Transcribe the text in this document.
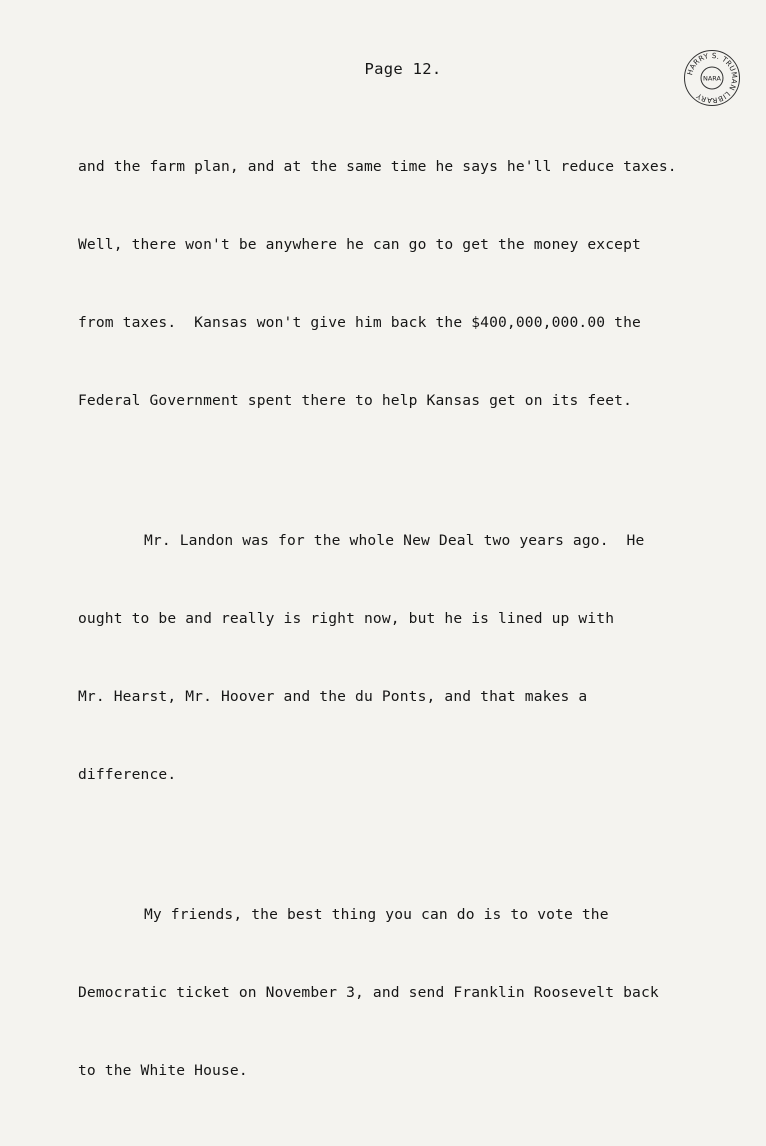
Page 12.	HARRY S. TRUMAN LIBRARY
NARA

and the farm plan, and at the same time he says he'll reduce taxes.

Well, there won't be anywhere he can go to get the money except

from taxes.  Kansas won't give him back the $400,000,000.00 the

Federal Government spent there to help Kansas get on its feet.

Mr. Landon was for the whole New Deal two years ago.  He

ought to be and really is right now, but he is lined up with

Mr. Hearst, Mr. Hoover and the du Ponts, and that makes a

difference.

My friends, the best thing you can do is to vote the

Democratic ticket on November 3, and send Franklin Roosevelt back

to the White House.
